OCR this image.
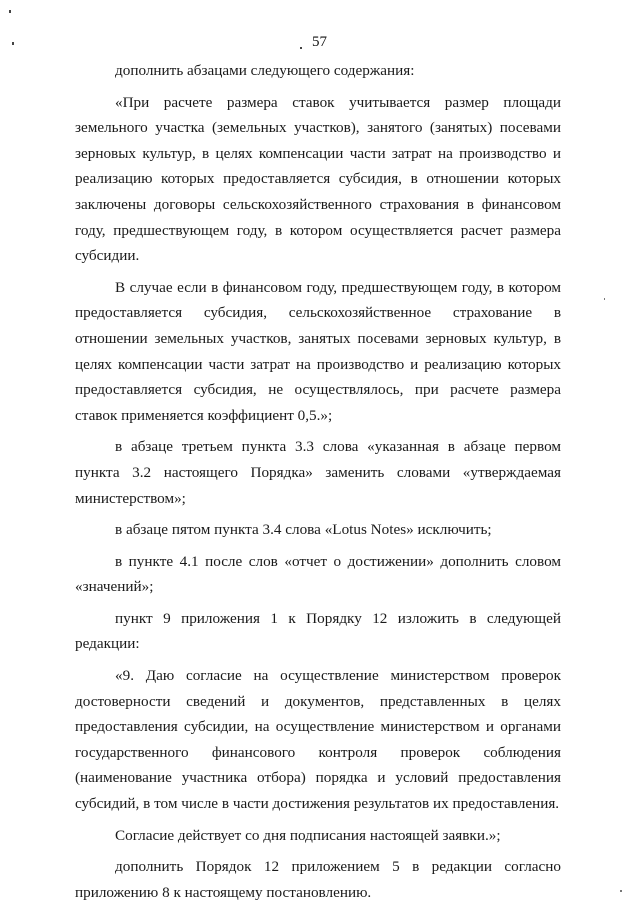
57

дополнить абзацами следующего содержания:

«При расчете размера ставок учитывается размер площади земельного участка (земельных участков), занятого (занятых) посевами зерновых культур, в целях компенсации части затрат на производство и реализацию которых предоставляется субсидия, в отношении которых заключены договоры сельскохозяйственного страхования в финансовом году, предшествующем году, в котором осуществляется расчет размера субсидии.

В случае если в финансовом году, предшествующем году, в котором предоставляется субсидия, сельскохозяйственное страхование в отношении земельных участков, занятых посевами зерновых культур, в целях компенсации части затрат на производство и реализацию которых предоставляется субсидия, не осуществлялось, при расчете размера ставок применяется коэффициент 0,5.»;

в абзаце третьем пункта 3.3 слова «указанная в абзаце первом пункта 3.2 настоящего Порядка» заменить словами «утверждаемая министерством»;

в абзаце пятом пункта 3.4 слова «Lotus Notes» исключить;

в пункте 4.1 после слов «отчет о достижении» дополнить словом «значений»;

пункт 9 приложения 1 к Порядку 12 изложить в следующей редакции:

«9. Даю согласие на осуществление министерством проверок достоверности сведений и документов, представленных в целях предоставления субсидии, на осуществление министерством и органами государственного финансового контроля проверок соблюдения (наименование участника отбора) порядка и условий предоставления субсидий, в том числе в части достижения результатов их предоставления.

Согласие действует со дня подписания настоящей заявки.»;

дополнить Порядок 12 приложением 5 в редакции согласно приложению 8 к настоящему постановлению.
